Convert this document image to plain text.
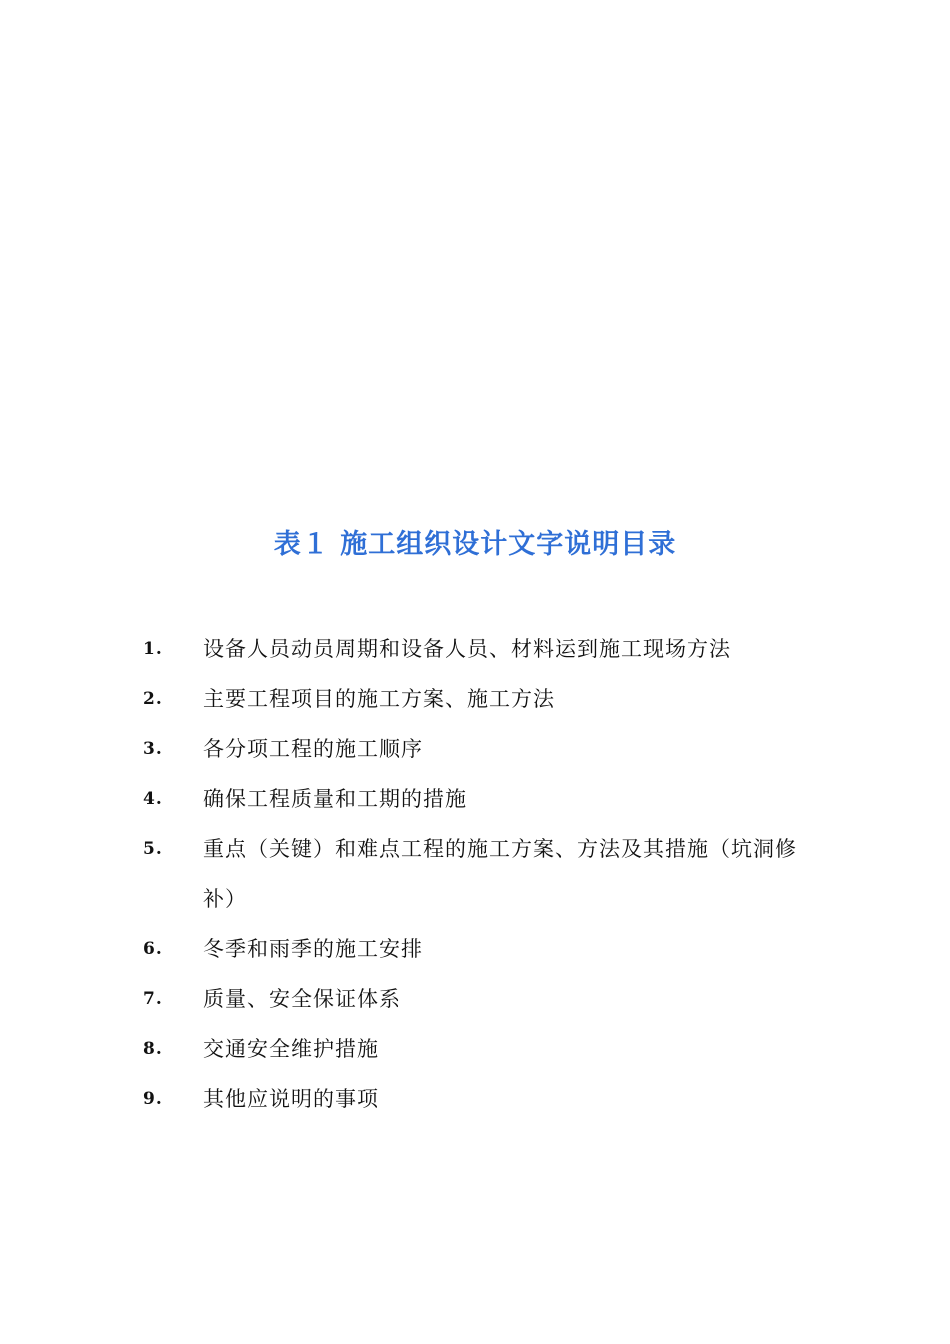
表１ 施工组织设计文字说明目录
1.	设备人员动员周期和设备人员、材料运到施工现场方法
2.	主要工程项目的施工方案、施工方法
3.	各分项工程的施工顺序
4.	确保工程质量和工期的措施
5.	重点（关键）和难点工程的施工方案、方法及其措施（坑洞修补）
6.	冬季和雨季的施工安排
7.	质量、安全保证体系
8.	交通安全维护措施
9.	其他应说明的事项
